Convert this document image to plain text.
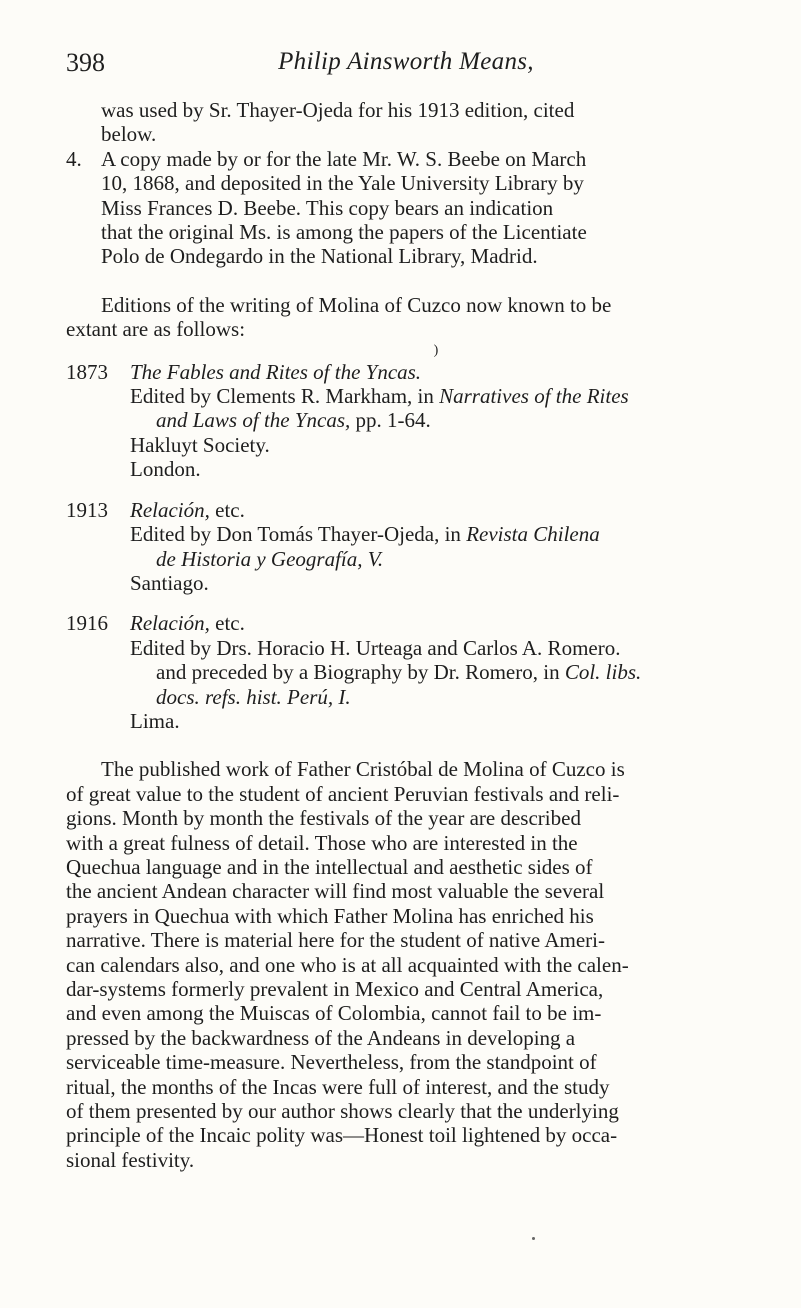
398	Philip Ainsworth Means,
was used by Sr. Thayer-Ojeda for his 1913 edition, cited
below.
4. A copy made by or for the late Mr. W. S. Beebe on March
10, 1868, and deposited in the Yale University Library by
Miss Frances D. Beebe. This copy bears an indication
that the original Ms. is among the papers of the Licentiate
Polo de Ondegardo in the National Library, Madrid.
Editions of the writing of Molina of Cuzco now known to be
extant are as follows:
)
1873 The Fables and Rites of the Yncas.
Edited by Clements R. Markham, in Narratives of the Rites
and Laws of the Yncas, pp. 1-64.
Hakluyt Society.
London.
1913 Relación, etc.
Edited by Don Tomás Thayer-Ojeda, in Revista Chilena
de Historia y Geografía, V.
Santiago.
1916 Relación, etc.
Edited by Drs. Horacio H. Urteaga and Carlos A. Romero.
and preceded by a Biography by Dr. Romero, in Col. libs.
docs. refs. hist. Perú, I.
Lima.
The published work of Father Cristóbal de Molina of Cuzco is
of great value to the student of ancient Peruvian festivals and reli-
gions. Month by month the festivals of the year are described
with a great fulness of detail. Those who are interested in the
Quechua language and in the intellectual and aesthetic sides of
the ancient Andean character will find most valuable the several
prayers in Quechua with which Father Molina has enriched his
narrative. There is material here for the student of native Ameri-
can calendars also, and one who is at all acquainted with the calen-
dar-systems formerly prevalent in Mexico and Central America,
and even among the Muiscas of Colombia, cannot fail to be im-
pressed by the backwardness of the Andeans in developing a
serviceable time-measure. Nevertheless, from the standpoint of
ritual, the months of the Incas were full of interest, and the study
of them presented by our author shows clearly that the underlying
principle of the Incaic polity was—Honest toil lightened by occa-
sional festivity.
